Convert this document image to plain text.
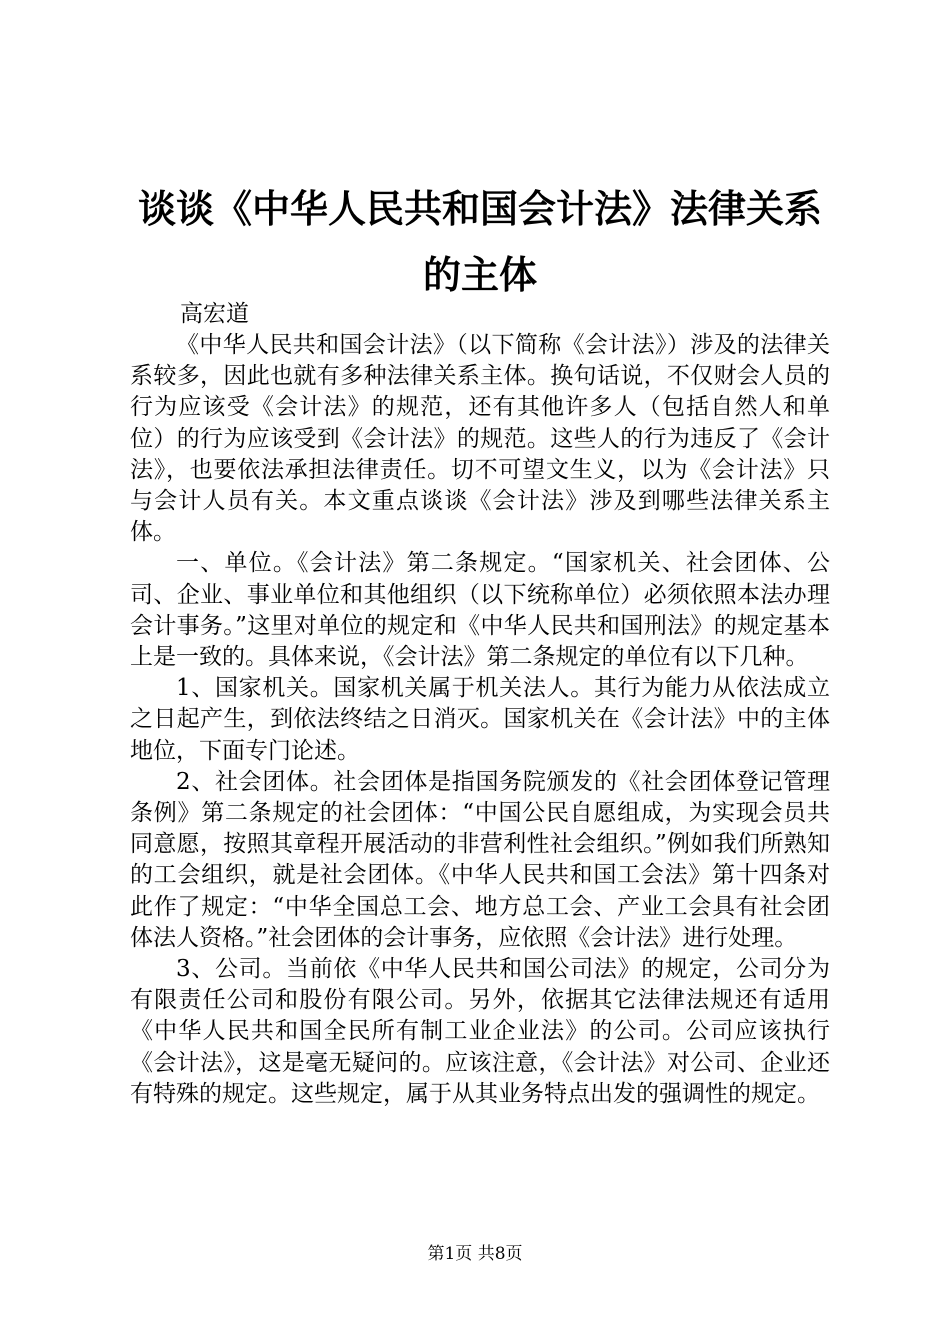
谈谈《中华人民共和国会计法》法律关系的主体

高宏道

《中华人民共和国会计法》（以下简称《会计法》）涉及的法律关系较多，因此也就有多种法律关系主体。换句话说，不仅财会人员的行为应该受《会计法》的规范，还有其他许多人（包括自然人和单位）的行为应该受到《会计法》的规范。这些人的行为违反了《会计法》，也要依法承担法律责任。切不可望文生义，以为《会计法》只与会计人员有关。本文重点谈谈《会计法》涉及到哪些法律关系主体。

一、单位。《会计法》第二条规定。“国家机关、社会团体、公司、企业、事业单位和其他组织（以下统称单位）必须依照本法办理会计事务。”这里对单位的规定和《中华人民共和国刑法》的规定基本上是一致的。具体来说，《会计法》第二条规定的单位有以下几种。

1、国家机关。国家机关属于机关法人。其行为能力从依法成立之日起产生，到依法终结之日消灭。国家机关在《会计法》中的主体地位，下面专门论述。

2、社会团体。社会团体是指国务院颁发的《社会团体登记管理条例》第二条规定的社会团体：“中国公民自愿组成，为实现会员共同意愿，按照其章程开展活动的非营利性社会组织。”例如我们所熟知的工会组织，就是社会团体。《中华人民共和国工会法》第十四条对此作了规定：“中华全国总工会、地方总工会、产业工会具有社会团体法人资格。”社会团体的会计事务，应依照《会计法》进行处理。

3、公司。当前依《中华人民共和国公司法》的规定，公司分为有限责任公司和股份有限公司。另外，依据其它法律法规还有适用《中华人民共和国全民所有制工业企业法》的公司。公司应该执行《会计法》，这是毫无疑问的。应该注意，《会计法》对公司、企业还有特殊的规定。这些规定，属于从其业务特点出发的强调性的规定。

第1页 共8页
